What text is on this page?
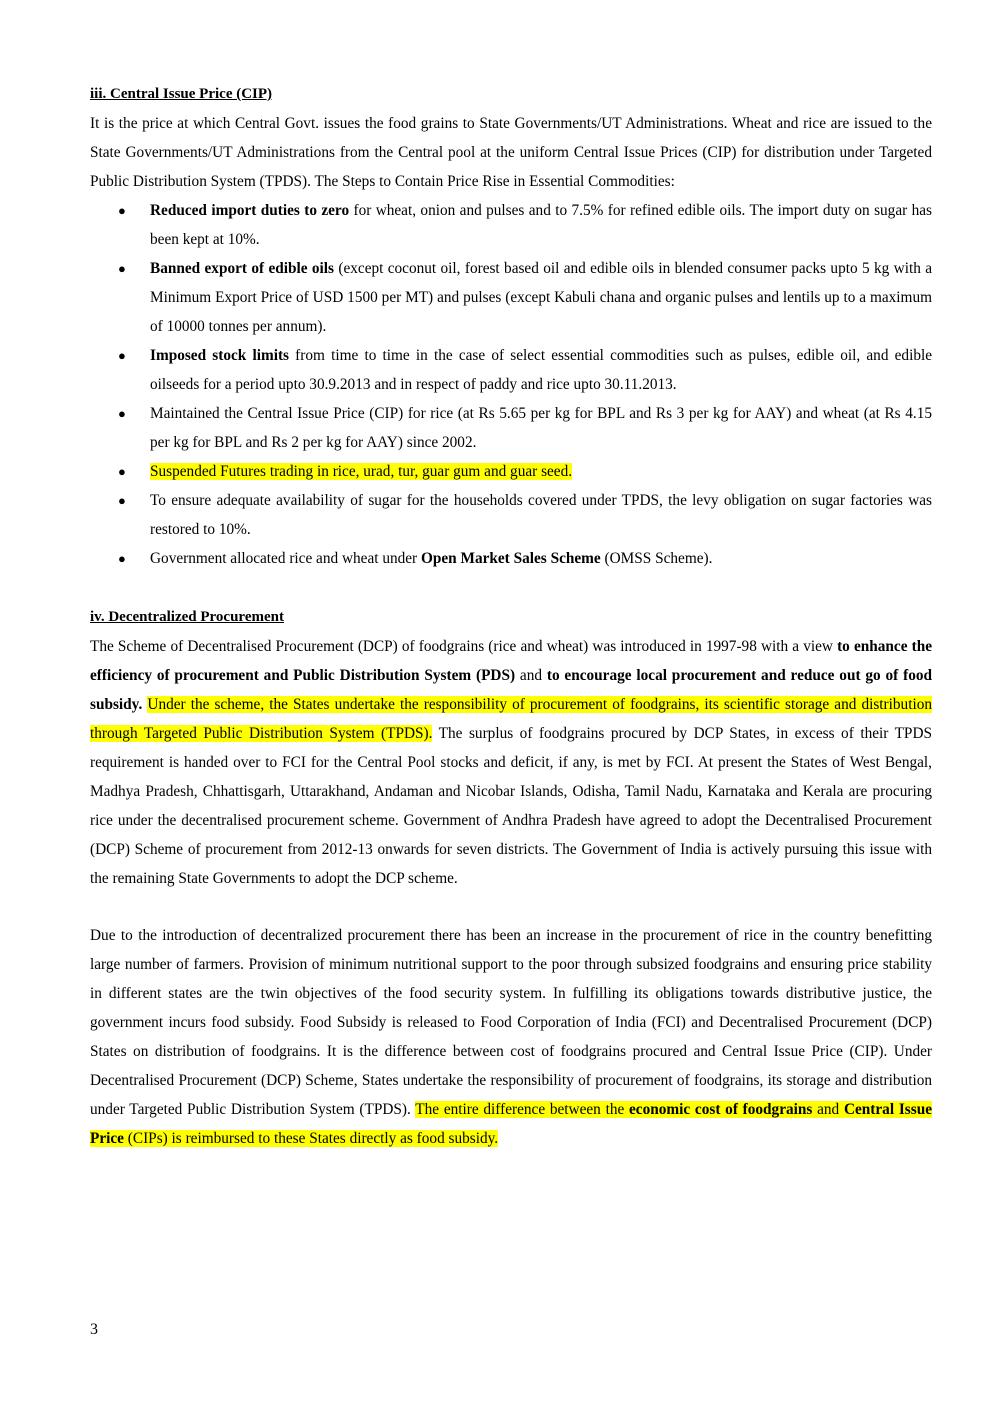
iii. Central Issue Price (CIP)

It is the price at which Central Govt. issues the food grains to State Governments/UT Administrations. Wheat and rice are issued to the State Governments/UT Administrations from the Central pool at the uniform Central Issue Prices (CIP) for distribution under Targeted Public Distribution System (TPDS). The Steps to Contain Price Rise in Essential Commodities:

● Reduced import duties to zero for wheat, onion and pulses and to 7.5% for refined edible oils. The import duty on sugar has been kept at 10%.
● Banned export of edible oils (except coconut oil, forest based oil and edible oils in blended consumer packs upto 5 kg with a Minimum Export Price of USD 1500 per MT) and pulses (except Kabuli chana and organic pulses and lentils up to a maximum of 10000 tonnes per annum).
● Imposed stock limits from time to time in the case of select essential commodities such as pulses, edible oil, and edible oilseeds for a period upto 30.9.2013 and in respect of paddy and rice upto 30.11.2013.
● Maintained the Central Issue Price (CIP) for rice (at Rs 5.65 per kg for BPL and Rs 3 per kg for AAY) and wheat (at Rs 4.15 per kg for BPL and Rs 2 per kg for AAY) since 2002.
● Suspended Futures trading in rice, urad, tur, guar gum and guar seed.
● To ensure adequate availability of sugar for the households covered under TPDS, the levy obligation on sugar factories was restored to 10%.
● Government allocated rice and wheat under Open Market Sales Scheme (OMSS Scheme).

iv. Decentralized Procurement

The Scheme of Decentralised Procurement (DCP) of foodgrains (rice and wheat) was introduced in 1997-98 with a view to enhance the efficiency of procurement and Public Distribution System (PDS) and to encourage local procurement and reduce out go of food subsidy. Under the scheme, the States undertake the responsibility of procurement of foodgrains, its scientific storage and distribution through Targeted Public Distribution System (TPDS). The surplus of foodgrains procured by DCP States, in excess of their TPDS requirement is handed over to FCI for the Central Pool stocks and deficit, if any, is met by FCI. At present the States of West Bengal, Madhya Pradesh, Chhattisgarh, Uttarakhand, Andaman and Nicobar Islands, Odisha, Tamil Nadu, Karnataka and Kerala are procuring rice under the decentralised procurement scheme. Government of Andhra Pradesh have agreed to adopt the Decentralised Procurement (DCP) Scheme of procurement from 2012-13 onwards for seven districts. The Government of India is actively pursuing this issue with the remaining State Governments to adopt the DCP scheme.

Due to the introduction of decentralized procurement there has been an increase in the procurement of rice in the country benefitting large number of farmers. Provision of minimum nutritional support to the poor through subsized foodgrains and ensuring price stability in different states are the twin objectives of the food security system. In fulfilling its obligations towards distributive justice, the government incurs food subsidy. Food Subsidy is released to Food Corporation of India (FCI) and Decentralised Procurement (DCP) States on distribution of foodgrains. It is the difference between cost of foodgrains procured and Central Issue Price (CIP). Under Decentralised Procurement (DCP) Scheme, States undertake the responsibility of procurement of foodgrains, its storage and distribution under Targeted Public Distribution System (TPDS). The entire difference between the economic cost of foodgrains and Central Issue Price (CIPs) is reimbursed to these States directly as food subsidy.

3
